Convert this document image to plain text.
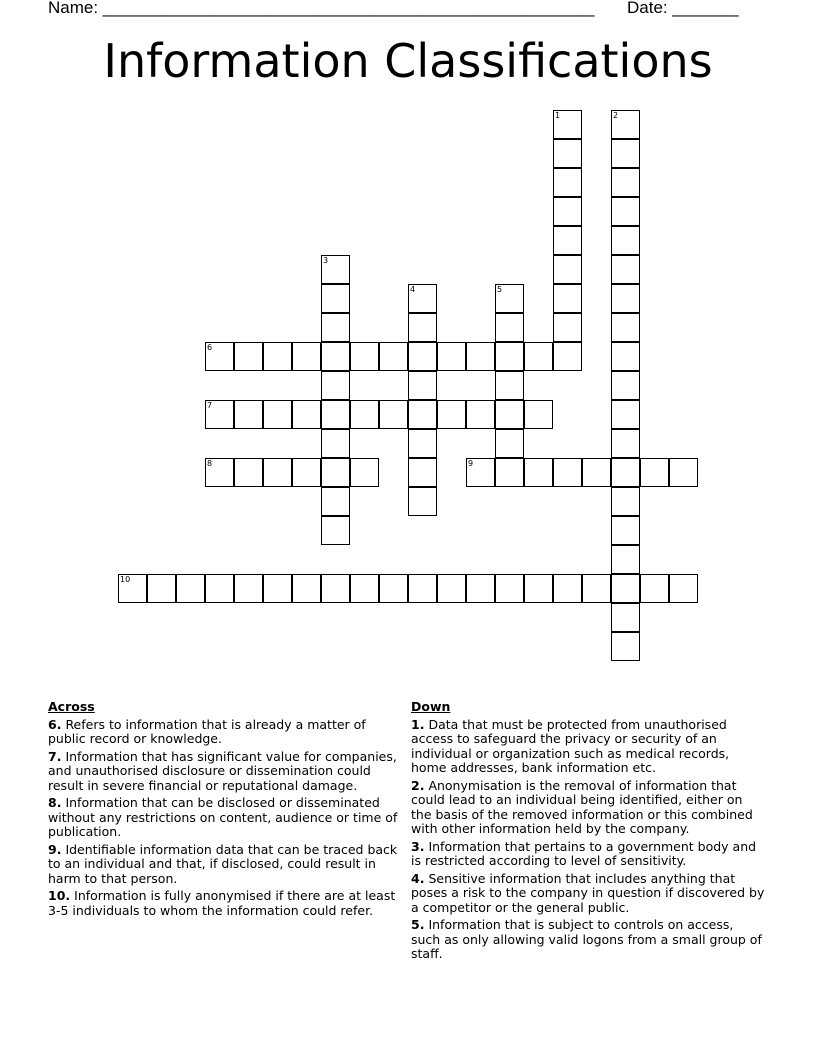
Name: ____________________________________________________ Date: _______
Information Classifications
1	2
3
4	5
6
7
8	9
10
Across
6. Refers to information that is already a matter of public record or knowledge.
7. Information that has significant value for companies, and unauthorised disclosure or dissemination could result in severe financial or reputational damage.
8. Information that can be disclosed or disseminated without any restrictions on content, audience or time of publication.
9. Identifiable information data that can be traced back to an individual and that, if disclosed, could result in harm to that person.
10. Information is fully anonymised if there are at least 3-5 individuals to whom the information could refer.
Down
1. Data that must be protected from unauthorised access to safeguard the privacy or security of an individual or organization such as medical records, home addresses, bank information etc.
2. Anonymisation is the removal of information that could lead to an individual being identified, either on the basis of the removed information or this combined with other information held by the company.
3. Information that pertains to a government body and is restricted according to level of sensitivity.
4. Sensitive information that includes anything that poses a risk to the company in question if discovered by a competitor or the general public.
5. Information that is subject to controls on access, such as only allowing valid logons from a small group of staff.
